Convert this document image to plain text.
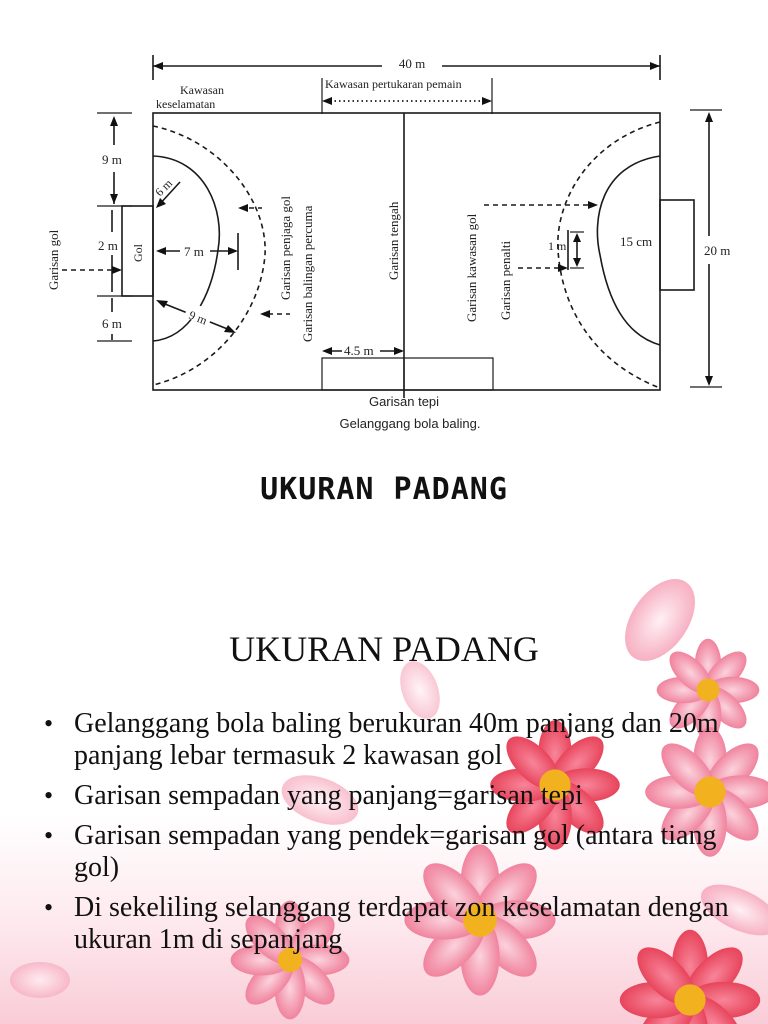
40 m
Kawasan
keselamatan
Kawasan pertukaran pemain
9 m
2 m
6 m
Garisan gol	Gol
6 m
7 m
9 m
Garisan penjaga gol Garisan balingan percuma	Garisan tengah
4.5 m
Garisan kawasan gol Garisan penalti	1 m	15 cm
20 m
Garisan tepi
Gelanggang bola baling.
UKURAN PADANG
UKURAN PADANG
• Gelanggang bola baling berukuran 40m panjang dan 20m panjang lebar termasuk 2 kawasan gol
• Garisan sempadan yang panjang=garisan tepi
• Garisan sempadan yang pendek=garisan gol (antara tiang gol)
• Di sekeliling selanggang terdapat zon keselamatan dengan ukuran 1m di sepanjang
